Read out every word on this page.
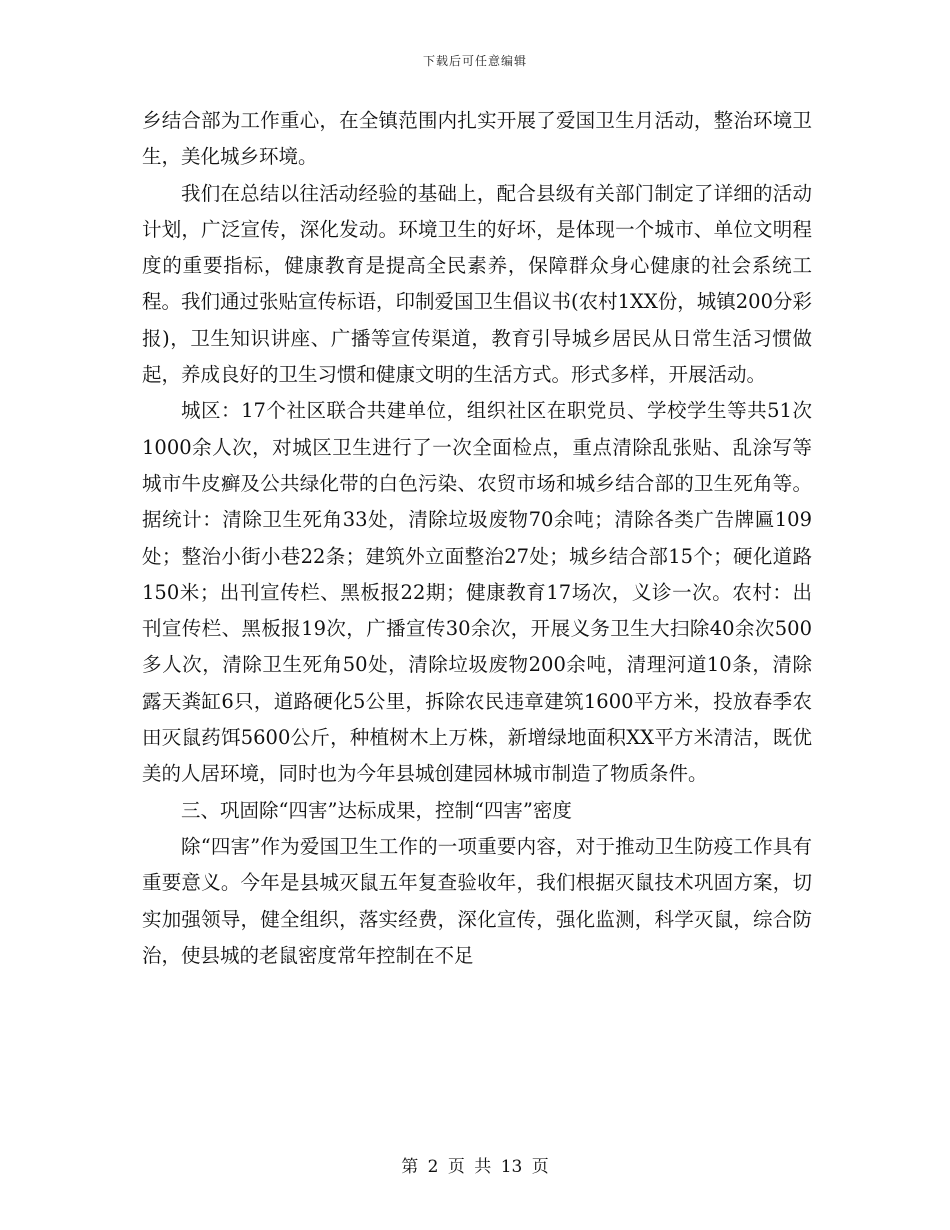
下载后可任意编辑

乡结合部为工作重心，在全镇范围内扎实开展了爱国卫生月活动，整治环境卫生，美化城乡环境。

我们在总结以往活动经验的基础上，配合县级有关部门制定了详细的活动计划，广泛宣传，深化发动。环境卫生的好坏，是体现一个城市、单位文明程度的重要指标，健康教育是提高全民素养，保障群众身心健康的社会系统工程。我们通过张贴宣传标语，印制爱国卫生倡议书(农村1XX份，城镇200分彩报)，卫生知识讲座、广播等宣传渠道，教育引导城乡居民从日常生活习惯做起，养成良好的卫生习惯和健康文明的生活方式。形式多样，开展活动。

城区：17个社区联合共建单位，组织社区在职党员、学校学生等共51次1000余人次，对城区卫生进行了一次全面检点，重点清除乱张贴、乱涂写等城市牛皮癣及公共绿化带的白色污染、农贸市场和城乡结合部的卫生死角等。据统计：清除卫生死角33处，清除垃圾废物70余吨；清除各类广告牌匾109处；整治小街小巷22条；建筑外立面整治27处；城乡结合部15个；硬化道路150米；出刊宣传栏、黑板报22期；健康教育17场次，义诊一次。农村：出刊宣传栏、黑板报19次，广播宣传30余次，开展义务卫生大扫除40余次500多人次，清除卫生死角50处，清除垃圾废物200余吨，清理河道10条，清除露天粪缸6只，道路硬化5公里，拆除农民违章建筑1600平方米，投放春季农田灭鼠药饵5600公斤，种植树木上万株，新增绿地面积XX平方米清洁，既优美的人居环境，同时也为今年县城创建园林城市制造了物质条件。

三、巩固除“四害”达标成果，控制“四害”密度

除“四害”作为爱国卫生工作的一项重要内容，对于推动卫生防疫工作具有重要意义。今年是县城灭鼠五年复查验收年，我们根据灭鼠技术巩固方案，切实加强领导，健全组织，落实经费，深化宣传，强化监测，科学灭鼠，综合防治，使县城的老鼠密度常年控制在不足

第 2 页 共 13 页
